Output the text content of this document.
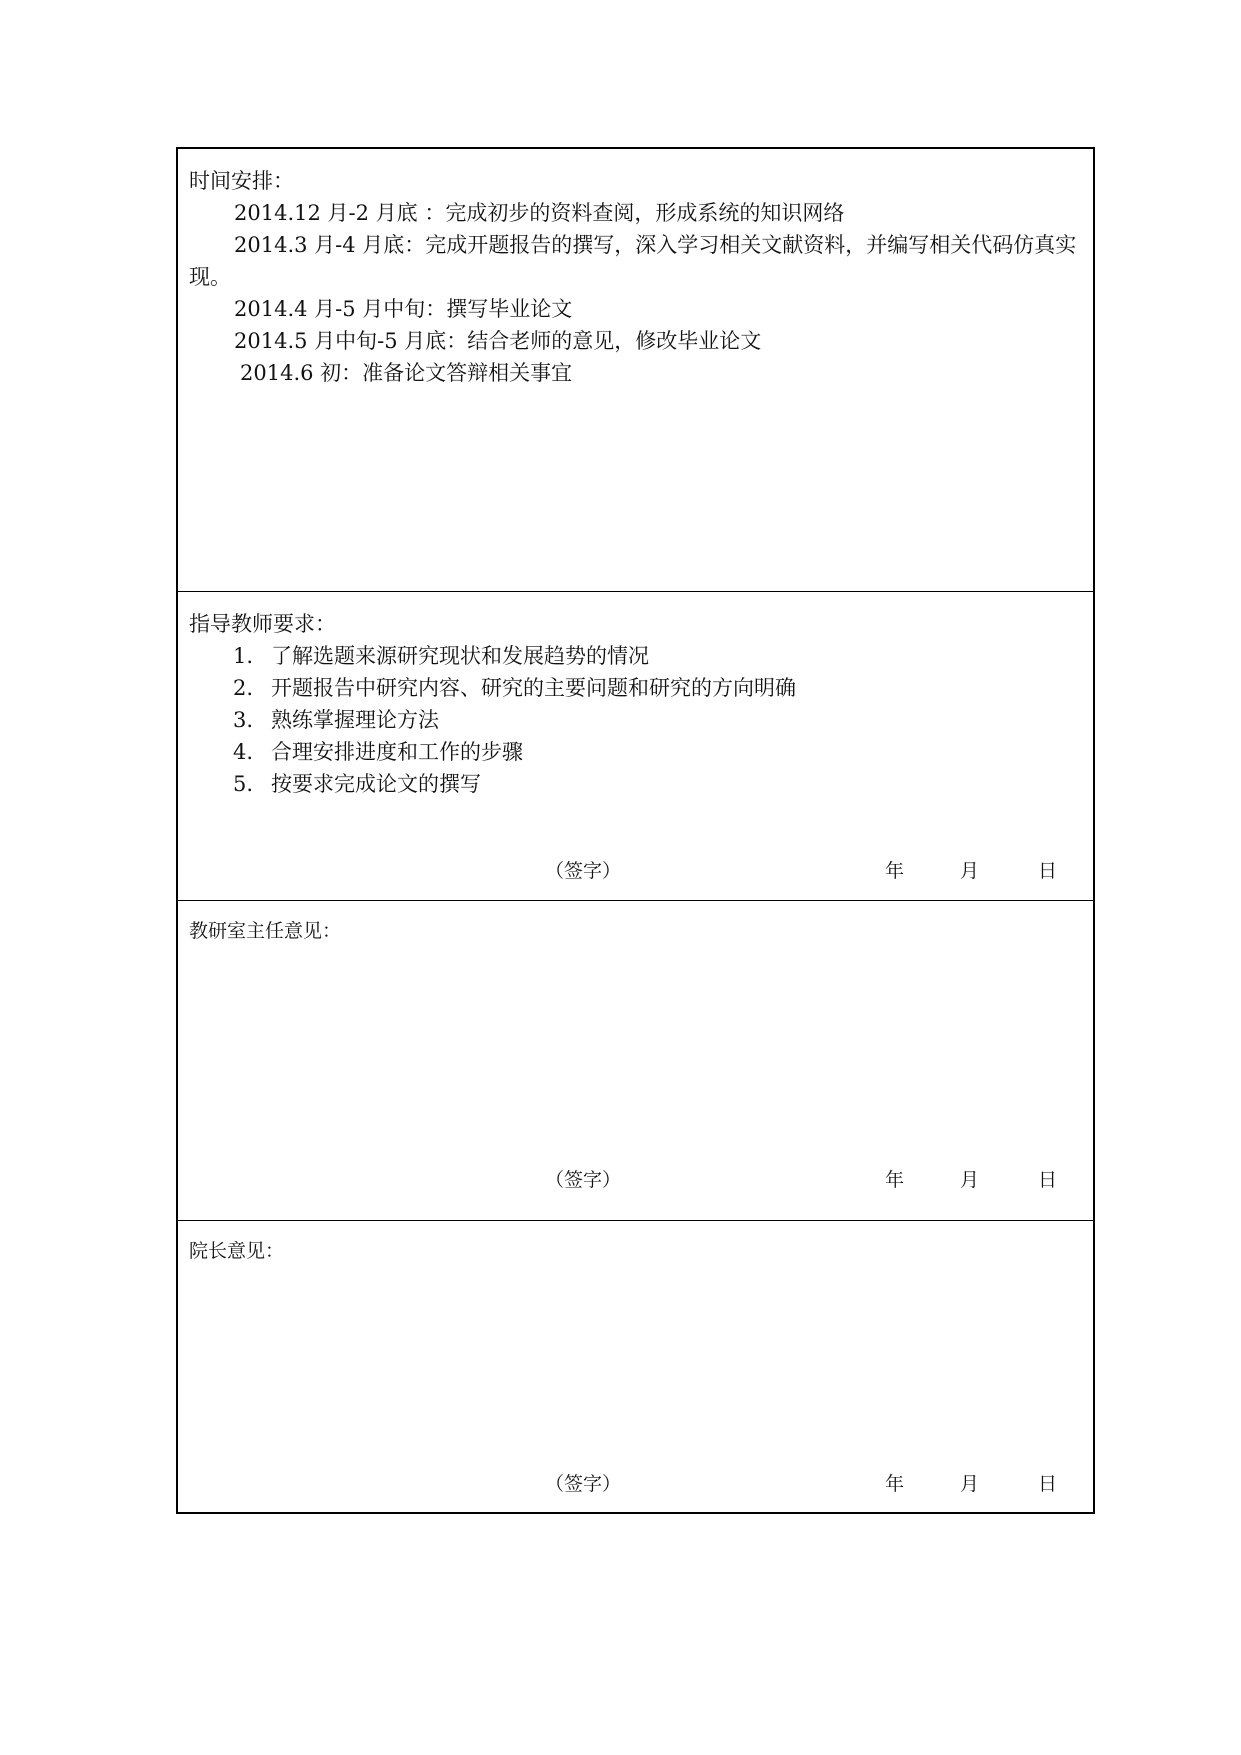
时间安排：
2014.12 月-2 月底 ：完成初步的资料查阅，形成系统的知识网络
2014.3 月-4 月底：完成开题报告的撰写，深入学习相关文献资料，并编写相关代码仿真实现。
2014.4 月-5 月中旬：撰写毕业论文
2014.5 月中旬-5 月底：结合老师的意见，修改毕业论文
2014.6 初：准备论文答辩相关事宜
指导教师要求：
1. 了解选题来源研究现状和发展趋势的情况
2. 开题报告中研究内容、研究的主要问题和研究的方向明确
3. 熟练掌握理论方法
4. 合理安排进度和工作的步骤
5. 按要求完成论文的撰写
（签字）	年	月	日
教研室主任意见：
（签字）	年	月	日
院长意见：
（签字）	年	月	日
